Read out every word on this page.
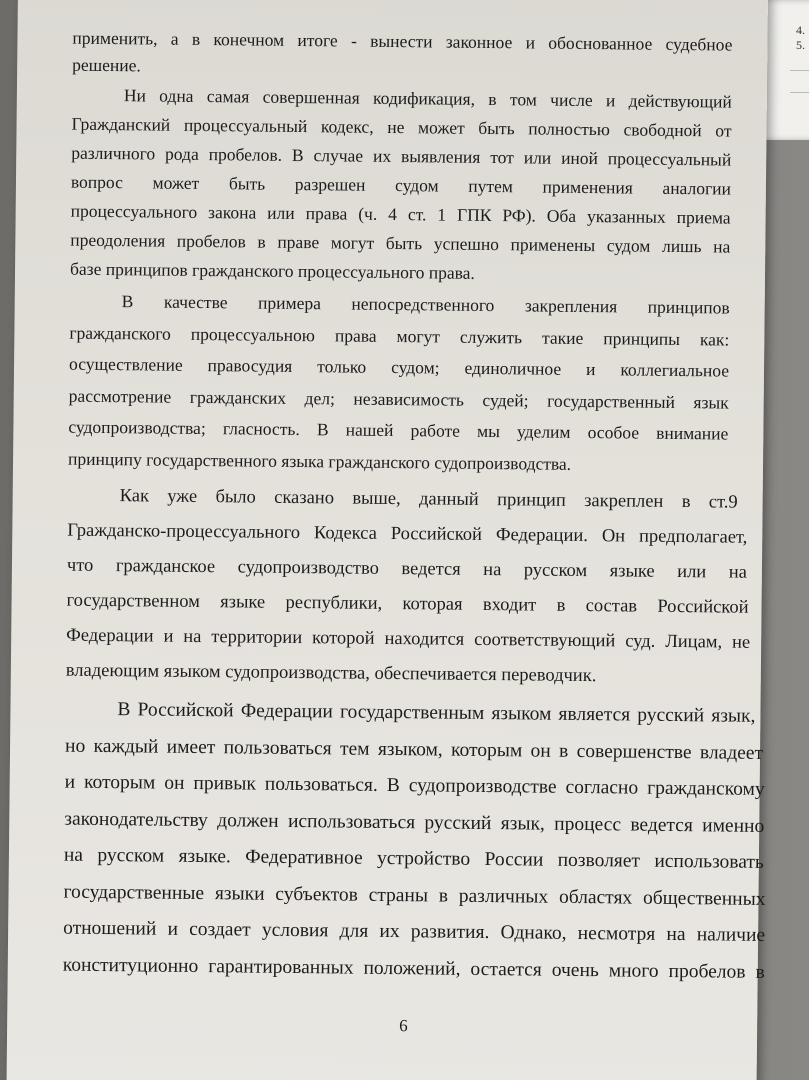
4.
5.
применить, а в конечном итоге - вынести законное и обоснованное судебное
решение.
Ни одна самая совершенная кодификация, в том числе и действующий
Гражданский процессуальный кодекс, не может быть полностью свободной от
различного рода пробелов. В случае их выявления тот или иной процессуальный
вопрос может быть разрешен судом путем применения аналогии
процессуального закона или права (ч. 4 ст. 1 ГПК РФ). Оба указанных приема
преодоления пробелов в праве могут быть успешно применены судом лишь на
базе принципов гражданского процессуального права.
В качестве примера непосредственного закрепления принципов
гражданского процессуальною права могут служить такие принципы как:
осуществление правосудия только судом; единоличное и коллегиальное
рассмотрение гражданских дел; независимость судей; государственный язык
судопроизводства; гласность. В нашей работе мы уделим особое внимание
принципу государственного языка гражданского судопроизводства.
Как уже было сказано выше, данный принцип закреплен в ст.9
Гражданско-процессуального Кодекса Российской Федерации. Он предполагает,
что гражданское судопроизводство ведется на русском языке или на
государственном языке республики, которая входит в состав Российской
Федерации и на территории которой находится соответствующий суд. Лицам, не
владеющим языком судопроизводства, обеспечивается переводчик.
В Российской Федерации государственным языком является русский язык,
но каждый имеет пользоваться тем языком, которым он в совершенстве владеет
и которым он привык пользоваться. В судопроизводстве согласно гражданскому
законодательству должен использоваться русский язык, процесс ведется именно
на русском языке. Федеративное устройство России позволяет использовать
государственные языки субъектов страны в различных областях общественных
отношений и создает условия для их развития. Однако, несмотря на наличие
конституционно гарантированных положений, остается очень много пробелов в
6
